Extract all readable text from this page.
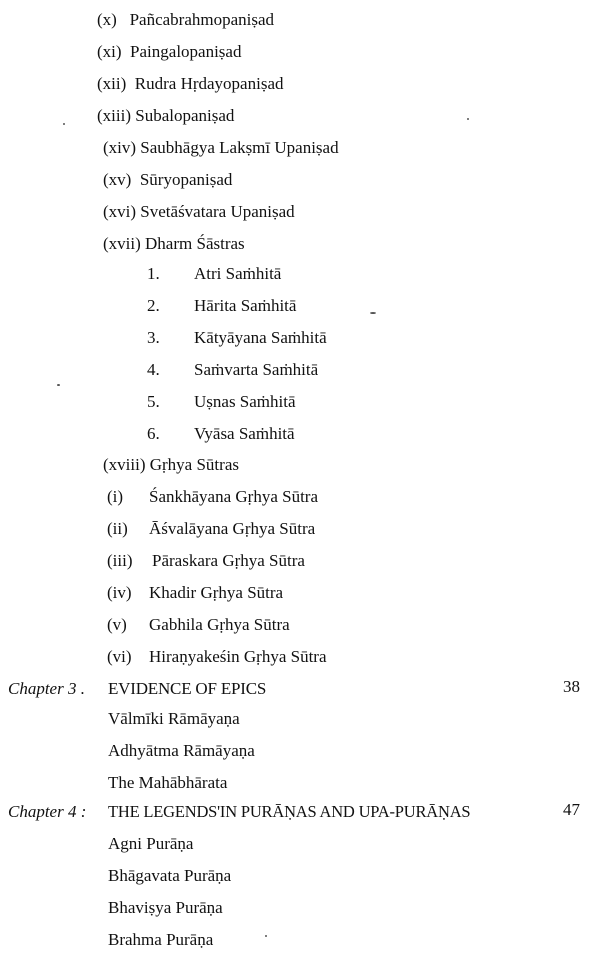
(x) Pañcabrahmopaniṣad
(xi) Paingalopaniṣad
(xii) Rudra Hṛdayopaniṣad
(xiii) Subalopaniṣad
(xiv) Saubhāgya Lakṣmī Upaniṣad
(xv) Sūryopaniṣad
(xvi) Svetāśvatara Upaniṣad
(xvii) Dharm Śāstras
1. Atri Saṁhitā
2. Hārita Saṁhitā
3. Kātyāyana Saṁhitā
4. Saṁvarta Saṁhitā
5. Uṣnas Saṁhitā
6. Vyāsa Saṁhitā
(xviii) Gṛhya Sūtras
(i) Śankhāyana Gṛhya Sūtra
(ii) Āśvalāyana Gṛhya Sūtra
(iii) Pāraskara Gṛhya Sūtra
(iv) Khadir Gṛhya Sūtra
(v) Gabhila Gṛhya Sūtra
(vi) Hiraṇyakeśin Gṛhya Sūtra
Chapter 3 . EVIDENCE OF EPICS	38
Vālmīki Rāmāyaṇa
Adhyātma Rāmāyaṇa
The Mahābhārata
Chapter 4 : THE LEGENDS'IN PURĀṆAS AND UPA-PURĀṆAS	47
Agni Purāṇa
Bhāgavata Purāṇa
Bhaviṣya Purāṇa
Brahma Purāṇa
